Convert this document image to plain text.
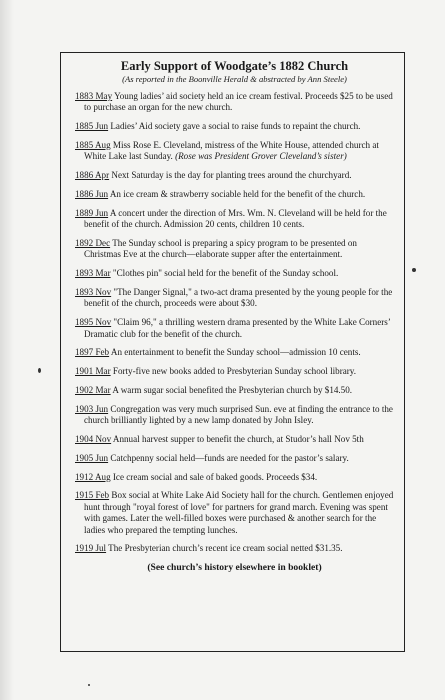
Early Support of Woodgate’s 1882 Church

(As reported in the Boonville Herald & abstracted by Ann Steele)

1883 May Young ladies’ aid society held an ice cream festival. Proceeds $25 to be used to purchase an organ for the new church.
1885 Jun Ladies’ Aid society gave a social to raise funds to repaint the church.
1885 Aug Miss Rose E. Cleveland, mistress of the White House, attended church at White Lake last Sunday. (Rose was President Grover Cleveland’s sister)
1886 Apr Next Saturday is the day for planting trees around the churchyard.
1886 Jun An ice cream & strawberry sociable held for the benefit of the church.
1889 Jun A concert under the direction of Mrs. Wm. N. Cleveland will be held for the benefit of the church. Admission 20 cents, children 10 cents.
1892 Dec The Sunday school is preparing a spicy program to be presented on Christmas Eve at the church—elaborate supper after the entertainment.
1893 Mar "Clothes pin" social held for the benefit of the Sunday school.
1893 Nov "The Danger Signal," a two-act drama presented by the young people for the benefit of the church, proceeds were about $30.
1895 Nov "Claim 96," a thrilling western drama presented by the White Lake Corners’ Dramatic club for the benefit of the church.
1897 Feb An entertainment to benefit the Sunday school—admission 10 cents.
1901 Mar Forty-five new books added to Presbyterian Sunday school library.
1902 Mar A warm sugar social benefited the Presbyterian church by $14.50.
1903 Jun Congregation was very much surprised Sun. eve at finding the entrance to the church brilliantly lighted by a new lamp donated by John Isley.
1904 Nov Annual harvest supper to benefit the church, at Studor’s hall Nov 5th
1905 Jun Catchpenny social held—funds are needed for the pastor’s salary.
1912 Aug Ice cream social and sale of baked goods. Proceeds $34.
1915 Feb Box social at White Lake Aid Society hall for the church. Gentlemen enjoyed hunt through "royal forest of love" for partners for grand march. Evening was spent with games. Later the well-filled boxes were purchased & another search for the ladies who prepared the tempting lunches.
1919 Jul The Presbyterian church’s recent ice cream social netted $31.35.
(See church’s history elsewhere in booklet)
